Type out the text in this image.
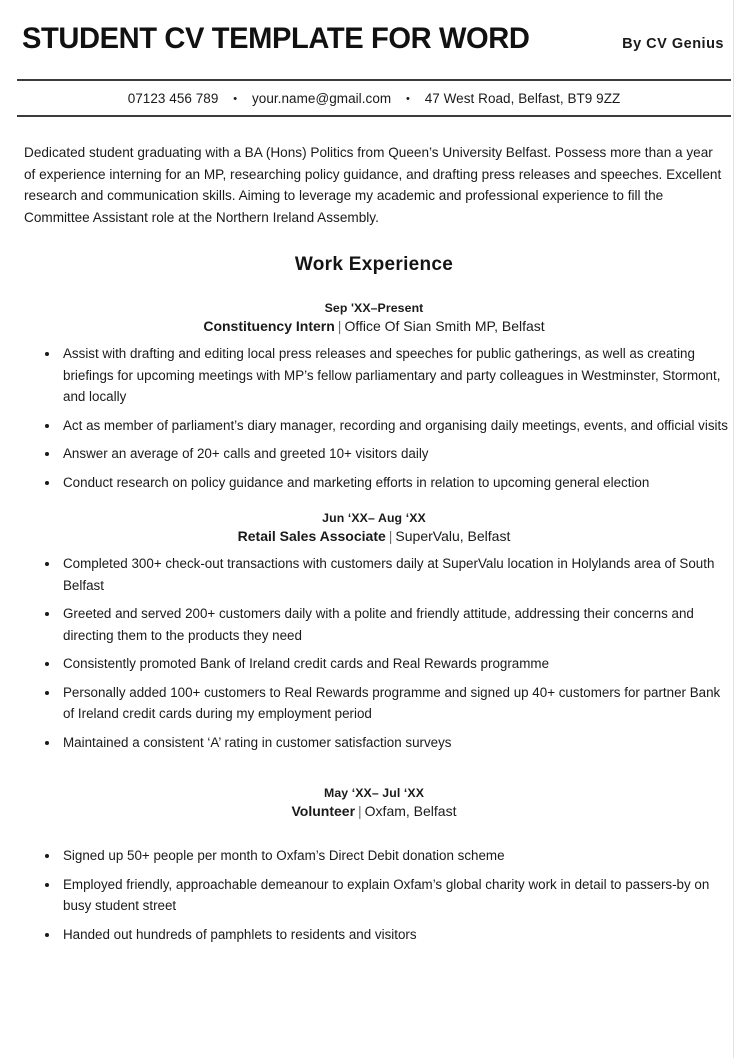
STUDENT CV TEMPLATE FOR WORD	By CV Genius
07123 456 789 • your.name@gmail.com • 47 West Road, Belfast, BT9 9ZZ
Dedicated student graduating with a BA (Hons) Politics from Queen’s University Belfast. Possess more than a year of experience interning for an MP, researching policy guidance, and drafting press releases and speeches. Excellent research and communication skills. Aiming to leverage my academic and professional experience to fill the Committee Assistant role at the Northern Ireland Assembly.
Work Experience
Sep 'XX–Present
Constituency Intern | Office Of Sian Smith MP, Belfast
Assist with drafting and editing local press releases and speeches for public gatherings, as well as creating briefings for upcoming meetings with MP’s fellow parliamentary and party colleagues in Westminster, Stormont, and locally
Act as member of parliament’s diary manager, recording and organising daily meetings, events, and official visits
Answer an average of 20+ calls and greeted 10+ visitors daily
Conduct research on policy guidance and marketing efforts in relation to upcoming general election
Jun ‘XX– Aug ‘XX
Retail Sales Associate | SuperValu, Belfast
Completed 300+ check-out transactions with customers daily at SuperValu location in Holylands area of South Belfast
Greeted and served 200+ customers daily with a polite and friendly attitude, addressing their concerns and directing them to the products they need
Consistently promoted Bank of Ireland credit cards and Real Rewards programme
Personally added 100+ customers to Real Rewards programme and signed up 40+ customers for partner Bank of Ireland credit cards during my employment period
Maintained a consistent ‘A’ rating in customer satisfaction surveys
May ‘XX– Jul ‘XX
Volunteer | Oxfam, Belfast
Signed up 50+ people per month to Oxfam’s Direct Debit donation scheme
Employed friendly, approachable demeanour to explain Oxfam’s global charity work in detail to passers-by on busy student street
Handed out hundreds of pamphlets to residents and visitors
